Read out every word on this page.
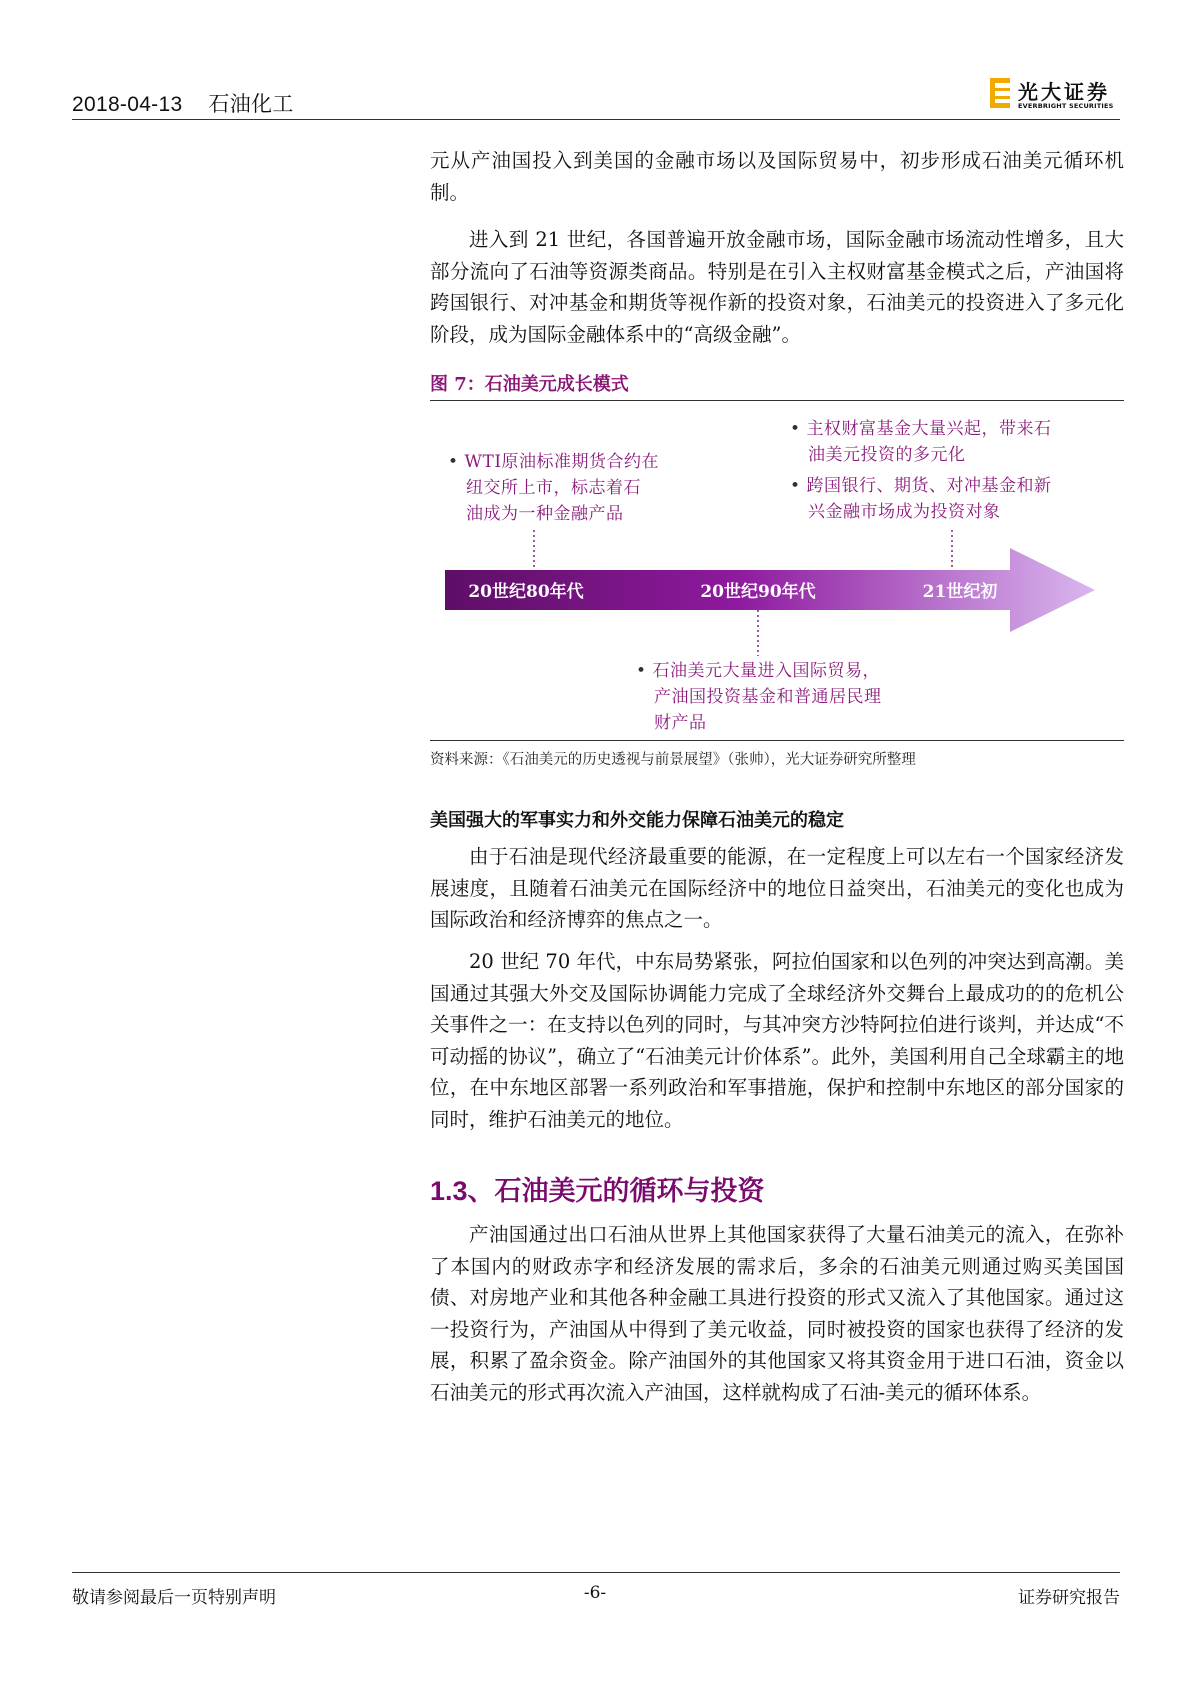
2018-04-13 石油化工
光大证券
EVERBRIGHT SECURITIES

元从产油国投入到美国的金融市场以及国际贸易中，初步形成石油美元循环机制。

进入到 21 世纪，各国普遍开放金融市场，国际金融市场流动性增多，且大部分流向了石油等资源类商品。特别是在引入主权财富基金模式之后，产油国将跨国银行、对冲基金和期货等视作新的投资对象，石油美元的投资进入了多元化阶段，成为国际金融体系中的“高级金融”。

图 7：石油美元成长模式
20世纪80年代	20世纪90年代	21世纪初
• WTI原油标准期货合约在
纽交所上市，标志着石
油成为一种金融产品
• 主权财富基金大量兴起，带来石
油美元投资的多元化
• 跨国银行、期货、对冲基金和新
兴金融市场成为投资对象
• 石油美元大量进入国际贸易，
产油国投资基金和普通居民理
财产品
资料来源：《石油美元的历史透视与前景展望》（张帅），光大证券研究所整理
美国强大的军事实力和外交能力保障石油美元的稳定

由于石油是现代经济最重要的能源，在一定程度上可以左右一个国家经济发展速度，且随着石油美元在国际经济中的地位日益突出，石油美元的变化也成为国际政治和经济博弈的焦点之一。

20 世纪 70 年代，中东局势紧张，阿拉伯国家和以色列的冲突达到高潮。美国通过其强大外交及国际协调能力完成了全球经济外交舞台上最成功的的危机公关事件之一：在支持以色列的同时，与其冲突方沙特阿拉伯进行谈判，并达成“不可动摇的协议”，确立了“石油美元计价体系”。此外，美国利用自己全球霸主的地位，在中东地区部署一系列政治和军事措施，保护和控制中东地区的部分国家的同时，维护石油美元的地位。

1.3、石油美元的循环与投资

产油国通过出口石油从世界上其他国家获得了大量石油美元的流入，在弥补了本国内的财政赤字和经济发展的需求后，多余的石油美元则通过购买美国国债、对房地产业和其他各种金融工具进行投资的形式又流入了其他国家。通过这一投资行为，产油国从中得到了美元收益，同时被投资的国家也获得了经济的发展，积累了盈余资金。除产油国外的其他国家又将其资金用于进口石油，资金以石油美元的形式再次流入产油国，这样就构成了石油-美元的循环体系。

敬请参阅最后一页特别声明	-6-	证券研究报告
